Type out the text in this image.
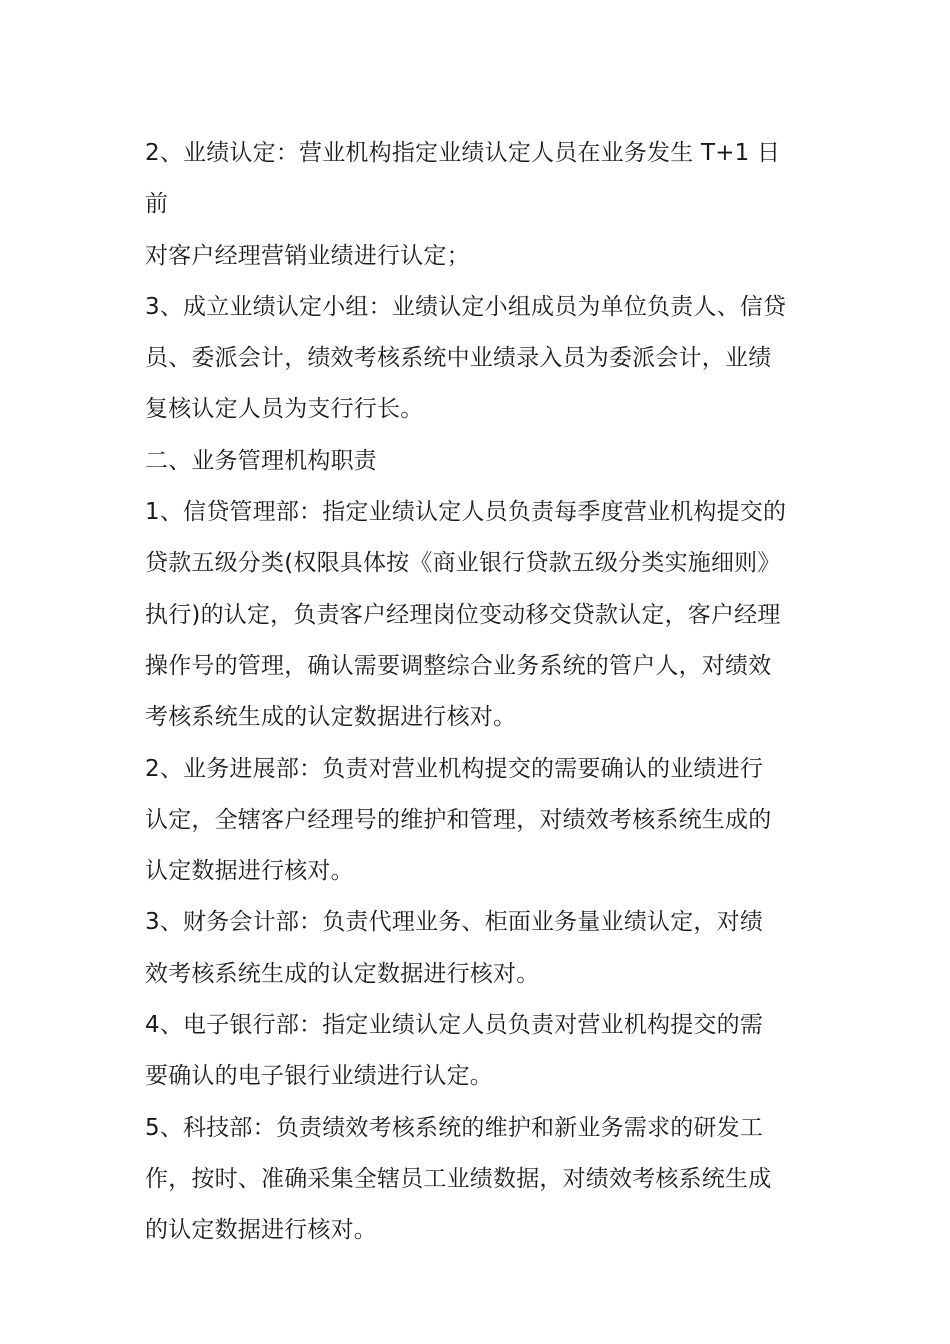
2、业绩认定：营业机构指定业绩认定人员在业务发生 T+1 日
前
对客户经理营销业绩进行认定；
3、成立业绩认定小组：业绩认定小组成员为单位负责人、信贷
员、委派会计，绩效考核系统中业绩录入员为委派会计，业绩
复核认定人员为支行行长。
二、业务管理机构职责
1、信贷管理部：指定业绩认定人员负责每季度营业机构提交的
贷款五级分类(权限具体按《商业银行贷款五级分类实施细则》
执行)的认定，负责客户经理岗位变动移交贷款认定，客户经理
操作号的管理，确认需要调整综合业务系统的管户人，对绩效
考核系统生成的认定数据进行核对。
2、业务进展部：负责对营业机构提交的需要确认的业绩进行
认定，全辖客户经理号的维护和管理，对绩效考核系统生成的
认定数据进行核对。
3、财务会计部：负责代理业务、柜面业务量业绩认定，对绩
效考核系统生成的认定数据进行核对。
4、电子银行部：指定业绩认定人员负责对营业机构提交的需
要确认的电子银行业绩进行认定。
5、科技部：负责绩效考核系统的维护和新业务需求的研发工
作，按时、准确采集全辖员工业绩数据，对绩效考核系统生成
的认定数据进行核对。
